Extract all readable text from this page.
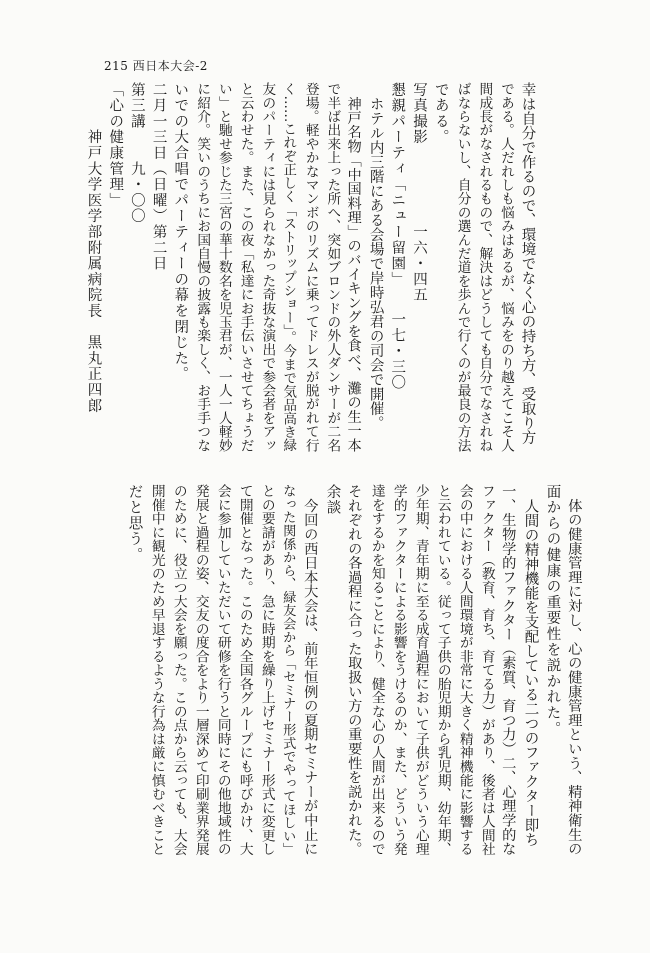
215 西日本大会-2
幸は自分で作るので、環境でなく心の持ち方、受取り方
である。人だれしも悩みはあるが、悩みをのり越えてこそ人
間成長がなされるもので、解決はどうしても自分でなされね
ばならないし、自分の選んだ道を歩んで行くのが最良の方法
である。
写真撮影　　　　　一六・四五
懇親パーティ「ニュー留園」　　一七・三〇
　ホテル内三階にある会場で岸時弘君の司会で開催。
　神戸名物「中国料理」のバイキングを食べ、灘の生一本
で半ば出来上った所へ、突如ブロンドの外人ダンサーが二名
登場。軽やかなマンボのリズムに乗ってドレスが脱がれて行
く……これぞ正しく「ストリップショー」。今まで気品高き緑
友のパーティには見られなかった奇抜な演出で参会者をアッ
と云わせた。また、この夜「私達にお手伝いさせてちょうだ
い」と馳せ参じた三宮の華十数名を児玉君が、一人一人軽妙
に紹介。笑いのうちにお国自慢の披露も楽しく、お手手つな
いでの大合唱でパーティーの幕を閉じた。
二月一三日（日曜）第二日
第三講　　九・〇〇
「心の健康管理」
　　　神戸大学医学部附属病院長　黒丸正四郎
　体の健康管理に対し、心の健康管理という、精神衛生の
面からの健康の重要性を説かれた。
　人間の精神機能を支配している二つのファクター即ち
一、生物学的ファクター（素質、育つ力）二、心理学的な
ファクター（教育、育ち、育てる力）があり、後者は人間社
会の中における人間環境が非常に大きく精神機能に影響する
と云われている。従って子供の胎児期から乳児期、幼年期、
少年期、青年期に至る成育過程において子供がどういう心理
学的ファクターによる影響をうけるのか、また、どういう発
達をするかを知ることにより、健全な心の人間が出来るので
それぞれの各過程に合った取扱い方の重要性を説かれた。
余談
　今回の西日本大会は、前年恒例の夏期セミナーが中止に
なった関係から、緑友会から「セミナー形式でやってほしい」
との要請があり、急に時期を繰り上げセミナー形式に変更し
て開催となった。このため全国各グループにも呼びかけ、大
会に参加していただいて研修を行うと同時にその他地域性の
発展と過程の姿、交友の度合をより一層深めて印刷業界発展
のために、役立つ大会を願った。この点から云っても、大会
開催中に観光のため早退するような行為は厳に慎むべきこと
だと思う。
